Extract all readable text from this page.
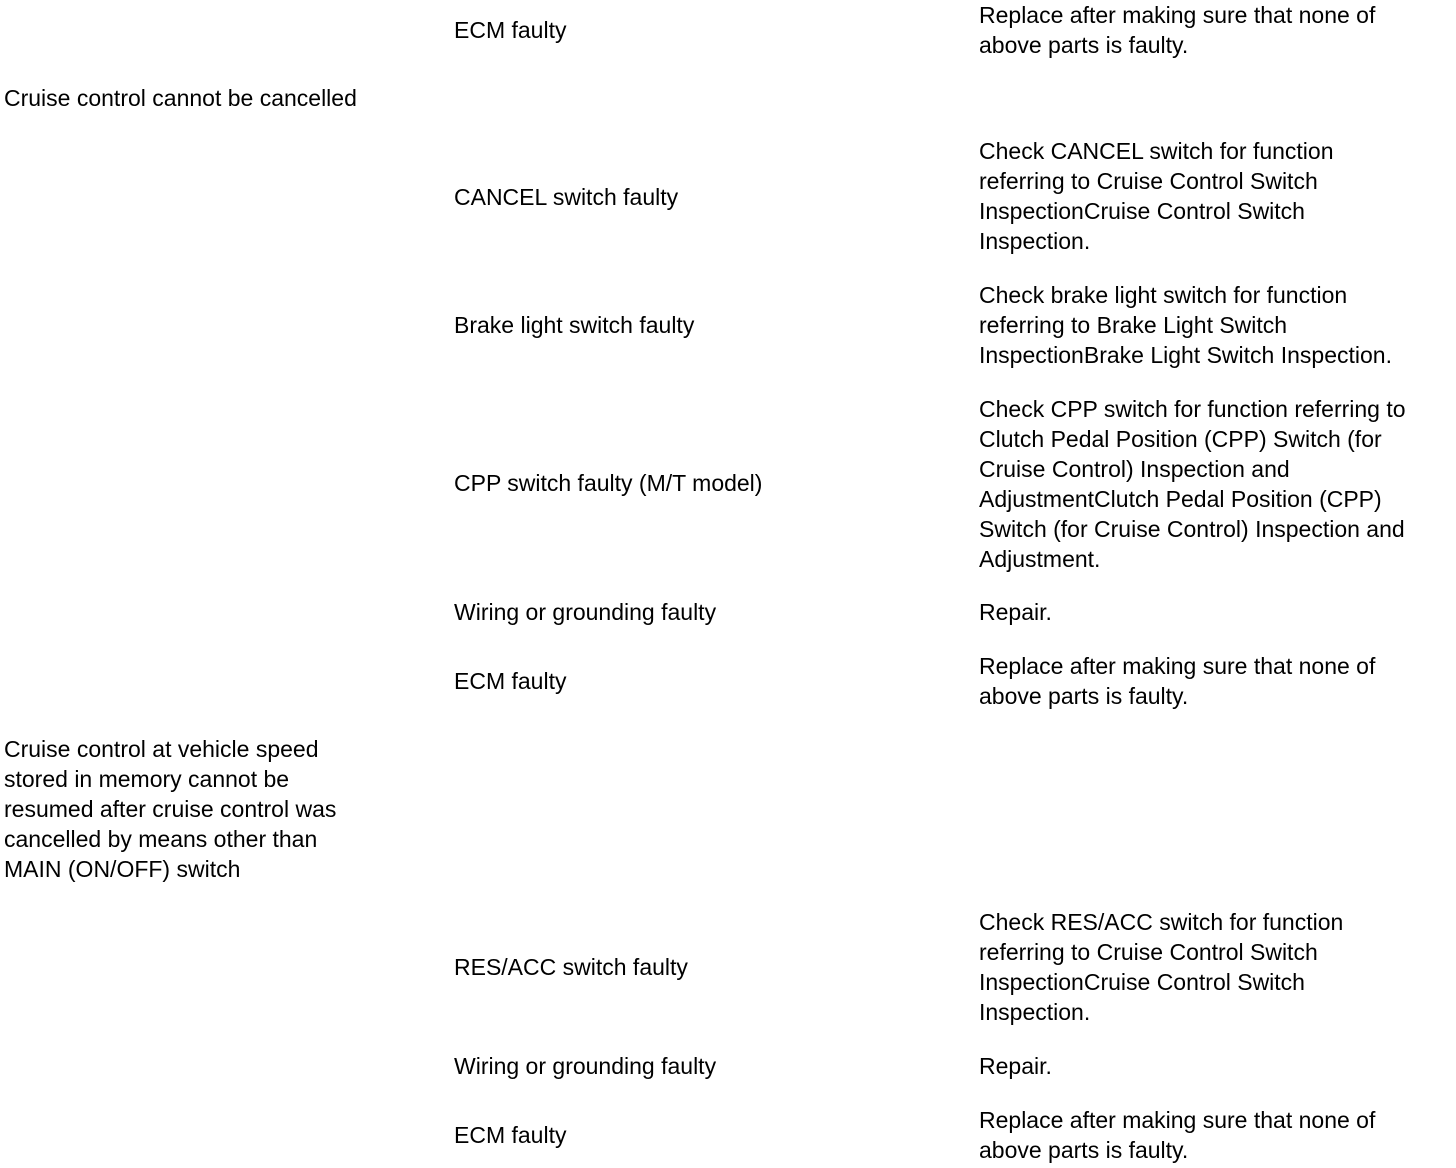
ECM faulty
Replace after making sure that none of
above parts is faulty.
Cruise control cannot be cancelled
CANCEL switch faulty
Check CANCEL switch for function
referring to Cruise Control Switch
InspectionCruise Control Switch
Inspection.
Brake light switch faulty
Check brake light switch for function
referring to Brake Light Switch
InspectionBrake Light Switch Inspection.
CPP switch faulty (M/T model)
Check CPP switch for function referring to
Clutch Pedal Position (CPP) Switch (for
Cruise Control) Inspection and
AdjustmentClutch Pedal Position (CPP)
Switch (for Cruise Control) Inspection and
Adjustment.
Wiring or grounding faulty	Repair.
ECM faulty
Replace after making sure that none of
above parts is faulty.
Cruise control at vehicle speed
stored in memory cannot be
resumed after cruise control was
cancelled by means other than
MAIN (ON/OFF) switch
RES/ACC switch faulty
Check RES/ACC switch for function
referring to Cruise Control Switch
InspectionCruise Control Switch
Inspection.
Wiring or grounding faulty	Repair.
ECM faulty
Replace after making sure that none of
above parts is faulty.
